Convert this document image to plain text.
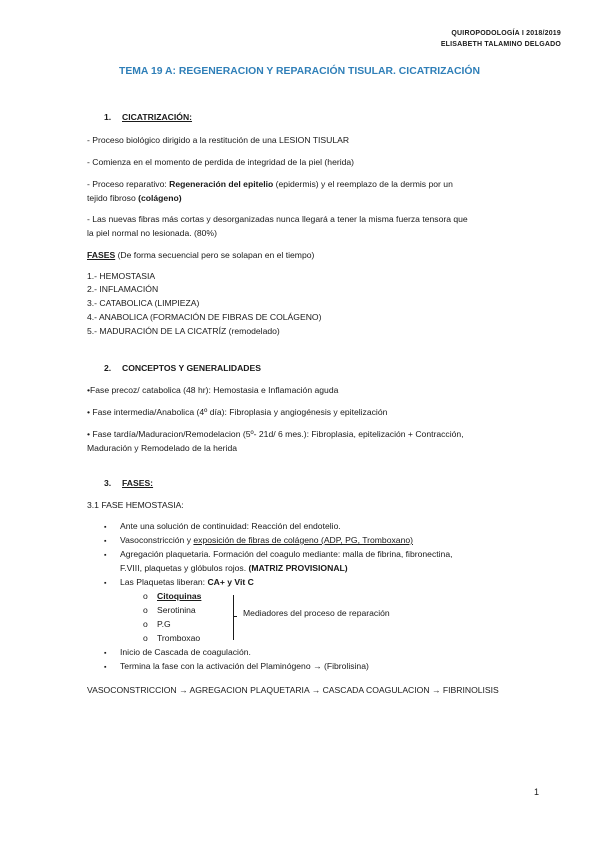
QUIROPODOLOGÍA I 2018/2019
ELISABETH TALAMINO DELGADO
TEMA 19 A: REGENERACION Y REPARACIÓN TISULAR. CICATRIZACIÓN
1. CICATRIZACIÓN:
- Proceso biológico dirigido a la restitución de una LESION TISULAR
- Comienza en el momento de perdida de integridad de la piel (herida)
- Proceso reparativo: Regeneración del epitelio (epidermis) y el reemplazo de la dermis por un
tejido fibroso (colágeno)
- Las nuevas fibras más cortas y desorganizadas nunca llegará a tener la misma fuerza tensora que
la piel normal no lesionada. (80%)
FASES (De forma secuencial pero se solapan en el tiempo)
1.- HEMOSTASIA
2.- INFLAMACIÓN
3.- CATABOLICA (LIMPIEZA)
4.- ANABOLICA (FORMACIÓN DE FIBRAS DE COLÁGENO)
5.- MADURACIÓN DE LA CICATRÍZ (remodelado)
2. CONCEPTOS Y GENERALIDADES
•Fase precoz/ catabolica (48 hr): Hemostasia e Inflamación aguda
• Fase intermedia/Anabolica (4º día): Fibroplasia y angiogénesis y epitelización
• Fase tardía/Maduracion/Remodelacion (5º- 21d/ 6 mes.): Fibroplasia, epitelización + Contracción,
Maduración y Remodelado de la herida
3. FASES:
3.1 FASE HEMOSTASIA:
▪ Ante una solución de continuidad: Reacción del endotelio.
▪ Vasoconstricción y exposición de fibras de colágeno (ADP, PG, Tromboxano)
▪ Agregación plaquetaria. Formación del coagulo mediante: malla de fibrina, fibronectina,
F.VIII, plaquetas y glóbulos rojos. (MATRIZ PROVISIONAL)
▪ Las Plaquetas liberan: CA+ y Vit C
o Citoquinas
o Serotinina
o P.G
o Tromboxao
Mediadores del proceso de reparación
▪ Inicio de Cascada de coagulación.
▪ Termina la fase con la activación del Plaminógeno → (Fibrolisina)
VASOCONSTRICCION → AGREGACION PLAQUETARIA → CASCADA COAGULACION → FIBRINOLISIS
1
